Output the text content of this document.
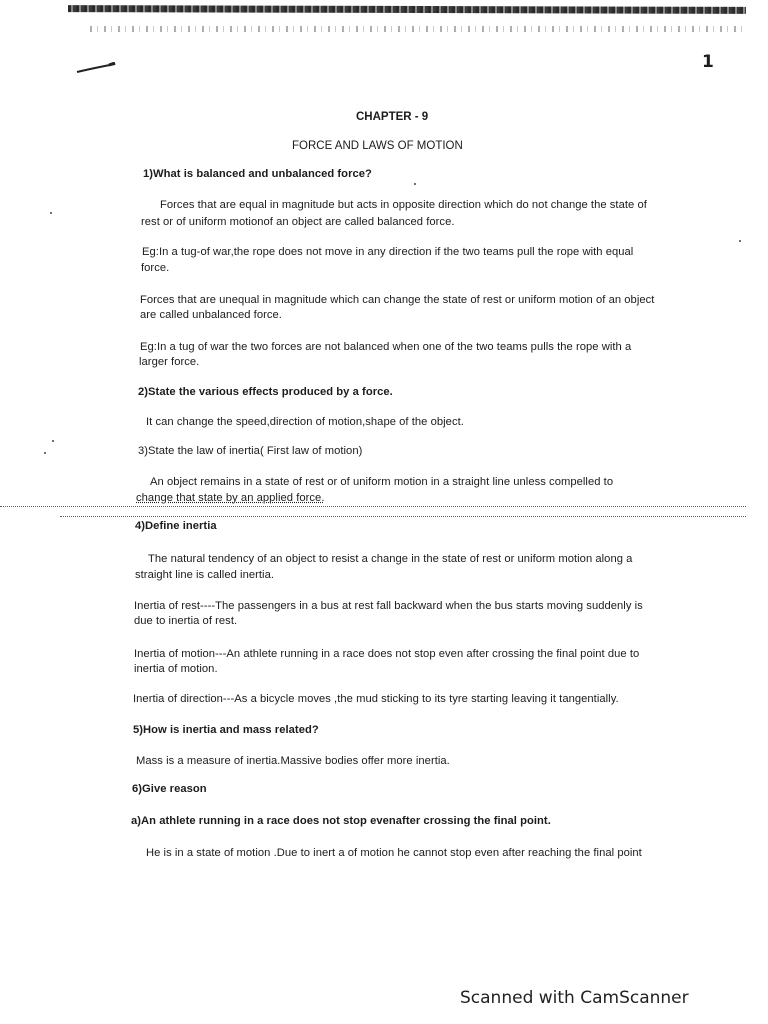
1
CHAPTER - 9
FORCE AND LAWS OF MOTION
1)What is balanced and unbalanced force?
Forces that are equal in magnitude but acts in opposite direction which do not change the state of
rest or of uniform motionof an object are called balanced force.
Eg:In a tug-of war,the rope does not move in any direction if the two teams pull the rope with equal
force.
Forces that are unequal in magnitude which can change the state of rest or uniform motion of an object
are called unbalanced force.
Eg:In a tug of war the two forces are not balanced when one of the two teams pulls the rope with a
larger force.
2)State the various effects produced by a force.
It can change the speed,direction of motion,shape of the object.
3)State the law of inertia( First law of motion)
An object remains in a state of rest or of uniform motion in a straight line unless compelled to
change that state by an applied force.
4)Define inertia
The natural tendency of an object to resist a change in the state of rest or uniform motion along a
straight line is called inertia.
Inertia of rest----The passengers in a bus at rest fall backward when the bus starts moving suddenly is
due to inertia of rest.
Inertia of motion---An athlete running in a race does not stop even after crossing the final point due to
inertia of motion.
Inertia of direction---As a bicycle moves ,the mud sticking to its tyre starting leaving it tangentially.
5)How is inertia and mass related?
Mass is a measure of inertia.Massive bodies offer more inertia.
6)Give reason
a)An athlete running in a race does not stop evenafter crossing the final point.
He is in a state of motion .Due to inert a of motion he cannot stop even after reaching the final point
Scanned with CamScanner
